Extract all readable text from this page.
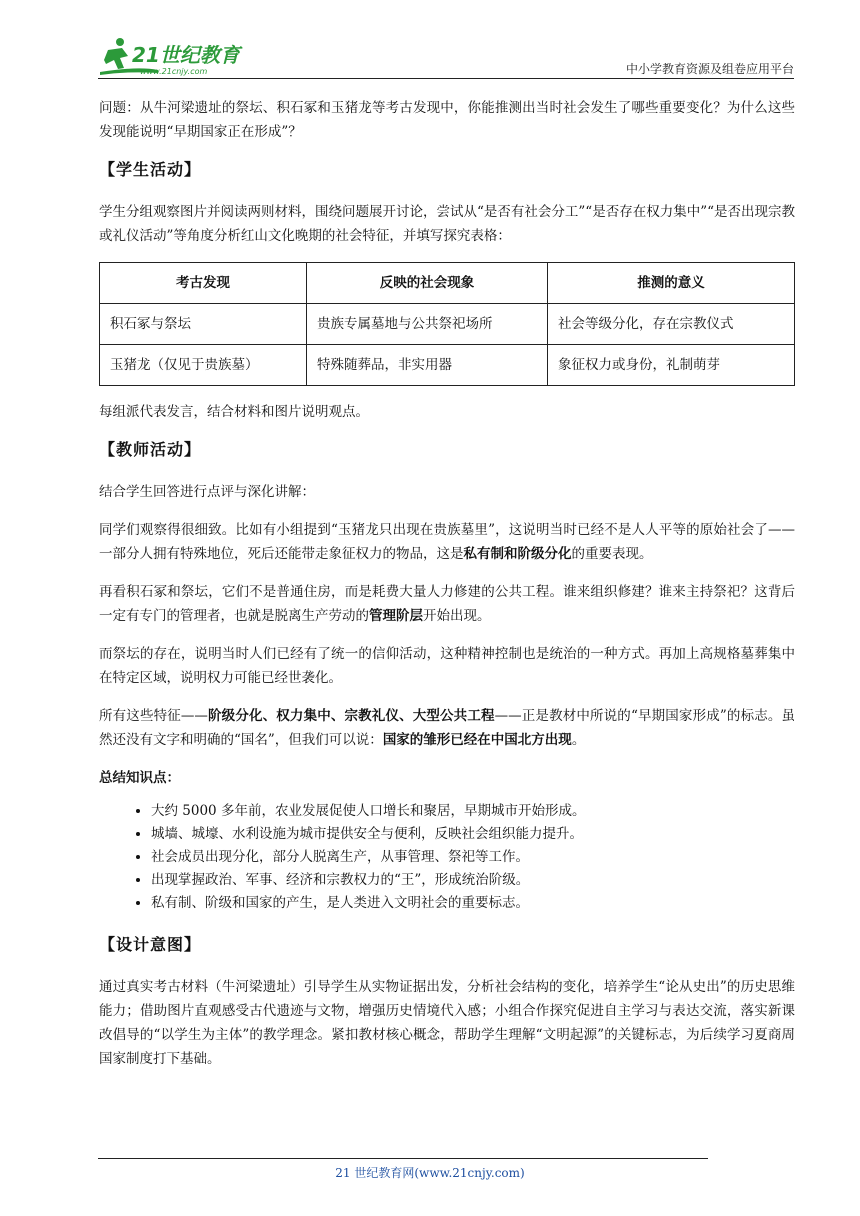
21世纪教育
www.21cnjy.com	中小学教育资源及组卷应用平台

问题：从牛河梁遗址的祭坛、积石冢和玉猪龙等考古发现中，你能推测出当时社会发生了哪些重要变化？为什么这些发现能说明“早期国家正在形成”？

【学生活动】

学生分组观察图片并阅读两则材料，围绕问题展开讨论，尝试从“是否有社会分工”“是否存在权力集中”“是否出现宗教或礼仪活动”等角度分析红山文化晚期的社会特征，并填写探究表格：

考古发现	反映的社会现象	推测的意义
积石冢与祭坛	贵族专属墓地与公共祭祀场所	社会等级分化，存在宗教仪式
玉猪龙（仅见于贵族墓）	特殊随葬品，非实用器	象征权力或身份，礼制萌芽

每组派代表发言，结合材料和图片说明观点。

【教师活动】

结合学生回答进行点评与深化讲解：

同学们观察得很细致。比如有小组提到“玉猪龙只出现在贵族墓里”，这说明当时已经不是人人平等的原始社会了——一部分人拥有特殊地位，死后还能带走象征权力的物品，这是私有制和阶级分化的重要表现。

再看积石冢和祭坛，它们不是普通住房，而是耗费大量人力修建的公共工程。谁来组织修建？谁来主持祭祀？这背后一定有专门的管理者，也就是脱离生产劳动的管理阶层开始出现。

而祭坛的存在，说明当时人们已经有了统一的信仰活动，这种精神控制也是统治的一种方式。再加上高规格墓葬集中在特定区域，说明权力可能已经世袭化。

所有这些特征——阶级分化、权力集中、宗教礼仪、大型公共工程——正是教材中所说的“早期国家形成”的标志。虽然还没有文字和明确的“国名”，但我们可以说：国家的雏形已经在中国北方出现。

总结知识点：
• 大约 5000 多年前，农业发展促使人口增长和聚居，早期城市开始形成。
• 城墙、城壕、水利设施为城市提供安全与便利，反映社会组织能力提升。
• 社会成员出现分化，部分人脱离生产，从事管理、祭祀等工作。
• 出现掌握政治、军事、经济和宗教权力的“王”，形成统治阶级。
• 私有制、阶级和国家的产生，是人类进入文明社会的重要标志。
【设计意图】

通过真实考古材料（牛河梁遗址）引导学生从实物证据出发，分析社会结构的变化，培养学生“论从史出”的历史思维能力；借助图片直观感受古代遗迹与文物，增强历史情境代入感；小组合作探究促进自主学习与表达交流，落实新课改倡导的“以学生为主体”的教学理念。紧扣教材核心概念，帮助学生理解“文明起源”的关键标志，为后续学习夏商周国家制度打下基础。

21 世纪教育网(www.21cnjy.com)
